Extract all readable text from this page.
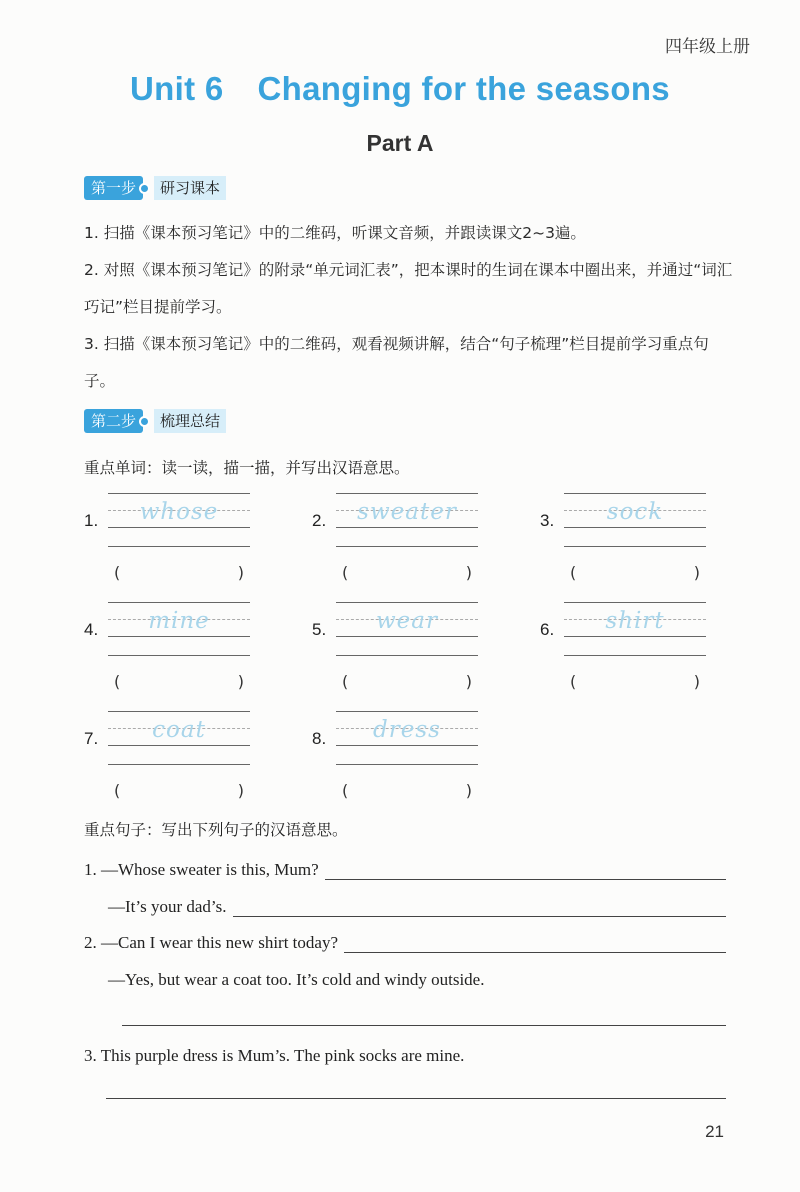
四年级上册
Unit 6 Changing for the seasons
Part A
第一步	研习课本
1. 扫描《课本预习笔记》中的二维码，听课文音频，并跟读课文2~3遍。
2. 对照《课本预习笔记》的附录“单元词汇表”，把本课时的生词在课本中圈出来，并通过“词汇巧记”栏目提前学习。
3. 扫描《课本预习笔记》中的二维码，观看视频讲解，结合“句子梳理”栏目提前学习重点句子。
第二步	梳理总结
重点单词：读一读，描一描，并写出汉语意思。
1.	whose
(	)
2.	sweater
(	)
3.	sock
(	)
4.	mine
(	)
5.	wear
(	)
6.	shirt
(	)
7.	coat
(	)
8.	dress
(	)
重点句子：写出下列句子的汉语意思。
1. —Whose sweater is this, Mum?
—It’s your dad’s.
2. —Can I wear this new shirt today?
—Yes, but wear a coat too. It’s cold and windy outside.
3. This purple dress is Mum’s. The pink socks are mine.
21
